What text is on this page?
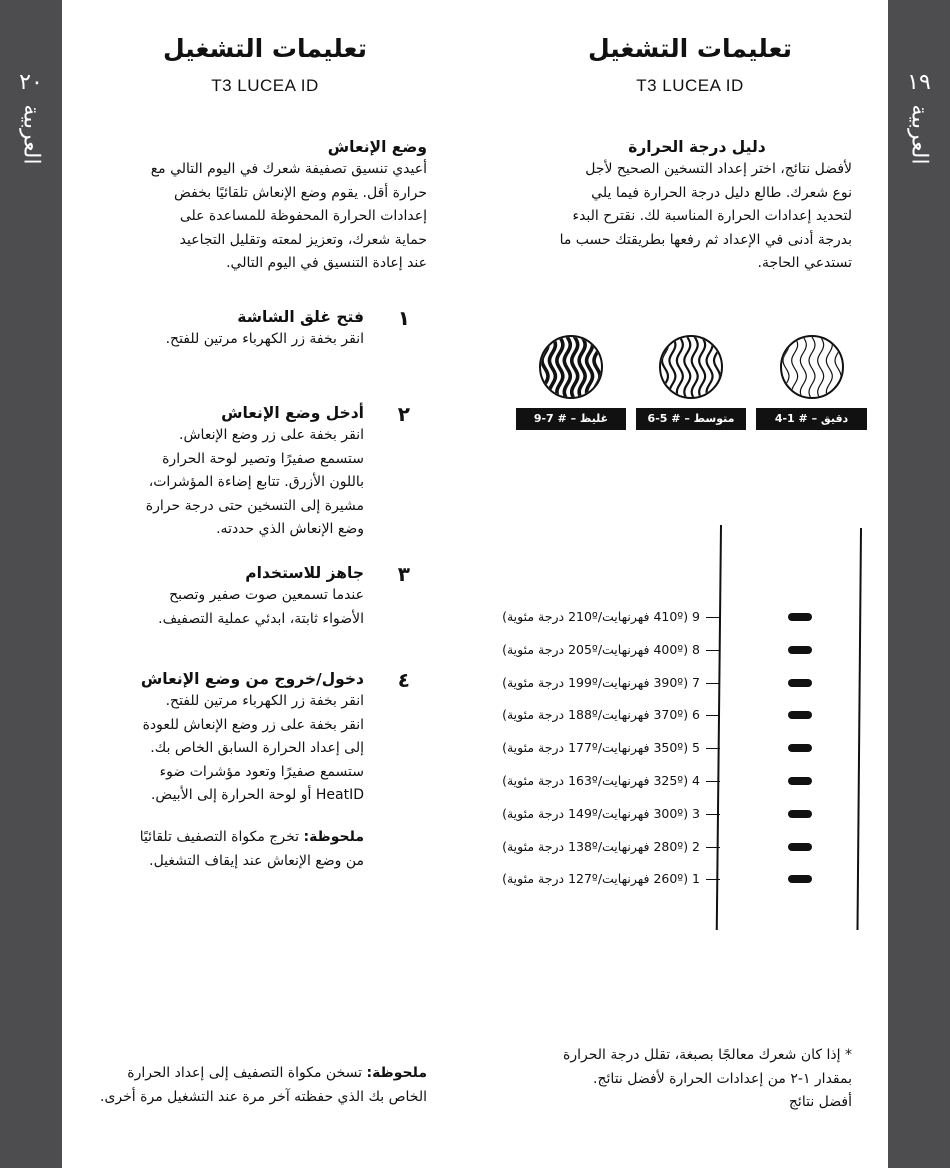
٢٠
العربية
١٩
العربية
تعليمات التشغيل
T3 LUCEA ID
وضع الإنعاش

أعيدي تنسيق تصفيفة شعرك في اليوم التالي مع

حرارة أقل. يقوم وضع الإنعاش تلقائيًا بخفض

إعدادات الحرارة المحفوظة للمساعدة على

حماية شعرك، وتعزيز لمعته وتقليل التجاعيد

عند إعادة التنسيق في اليوم التالي.

١
فتح غلق الشاشة

انقر بخفة زر الكهرباء مرتين للفتح.

٢
أدخل وضع الإنعاش

انقر بخفة على زر وضع الإنعاش.

ستسمع صفيرًا وتصير لوحة الحرارة

باللون الأزرق. تتابع إضاءة المؤشرات،

مشيرة إلى التسخين حتى درجة حرارة

وضع الإنعاش الذي حددته.

٣
جاهز للاستخدام

عندما تسمعين صوت صفير وتصبح

الأضواء ثابتة، ابدئي عملية التصفيف.

٤
دخول/خروج من وضع الإنعاش

انقر بخفة زر الكهرباء مرتين للفتح.

انقر بخفة على زر وضع الإنعاش للعودة

إلى إعداد الحرارة السابق الخاص بك.

ستسمع صفيرًا وتعود مؤشرات ضوء

HeatID أو لوحة الحرارة إلى الأبيض.

ملحوظة: تخرج مكواة التصفيف تلقائيًا

من وضع الإنعاش عند إيقاف التشغيل.

ملحوظة: تسخن مكواة التصفيف إلى إعداد الحرارة

الخاص بك الذي حفظته آخر مرة عند التشغيل مرة أخرى.

تعليمات التشغيل
T3 LUCEA ID
دليل درجة الحرارة

لأفضل نتائج، اختر إعداد التسخين الصحيح لأجل

نوع شعرك. طالع دليل درجة الحرارة فيما يلي

لتحديد إعدادات الحرارة المناسبة لك. نقترح البدء

بدرجة أدنى في الإعداد ثم رفعها بطريقتك حسب ما

تستدعي الحاجة.

غليظ – # 7-9	متوسط – # 5-6	دقيق – # 1-4
9 (410º فهرنهايت/210º درجة مئوية)
8 (400º فهرنهايت/205º درجة مئوية)
7 (390º فهرنهايت/199º درجة مئوية)
6 (370º فهرنهايت/188º درجة مئوية)
5 (350º فهرنهايت/177º درجة مئوية)
4 (325º فهرنهايت/163º درجة مئوية)
3 (300º فهرنهايت/149º درجة مئوية)
2 (280º فهرنهايت/138º درجة مئوية)
1 (260º فهرنهايت/127º درجة مئوية)

* إذا كان شعرك معالجًا بصبغة، تقلل درجة الحرارة

بمقدار ١-٢ من إعدادات الحرارة لأفضل نتائج.

أفضل نتائج
